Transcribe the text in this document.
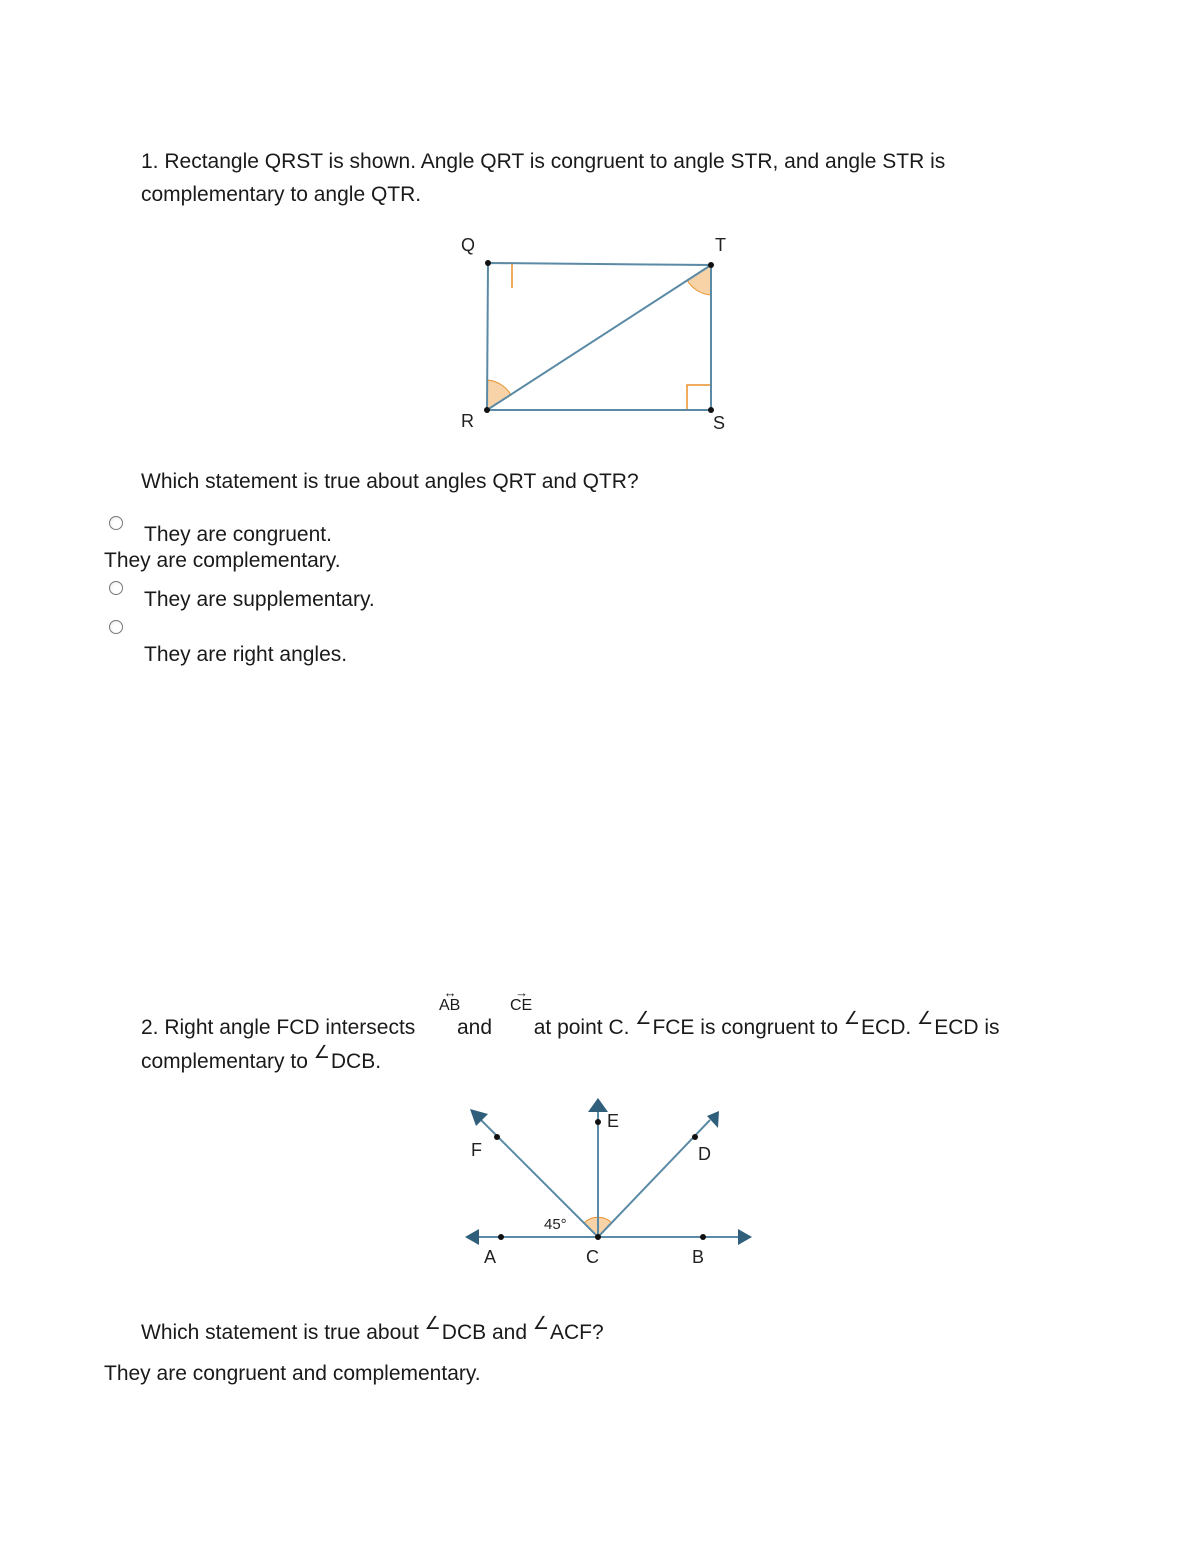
1. Rectangle QRST is shown. Angle QRT is congruent to angle STR, and angle STR is
complementary to angle QTR.
Q	T
R	S
Which statement is true about angles QRT and QTR?
They are congruent.
They are complementary.
They are supplementary.
They are right angles.
↔
AB
→
CE
2. Right angle FCD intersects and at point C. ∠FCE is congruent to ∠ECD. ∠ECD is
complementary to ∠DCB.
F
E
D
A	C	B
45°
Which statement is true about ∠DCB and ∠ACF?
They are congruent and complementary.
